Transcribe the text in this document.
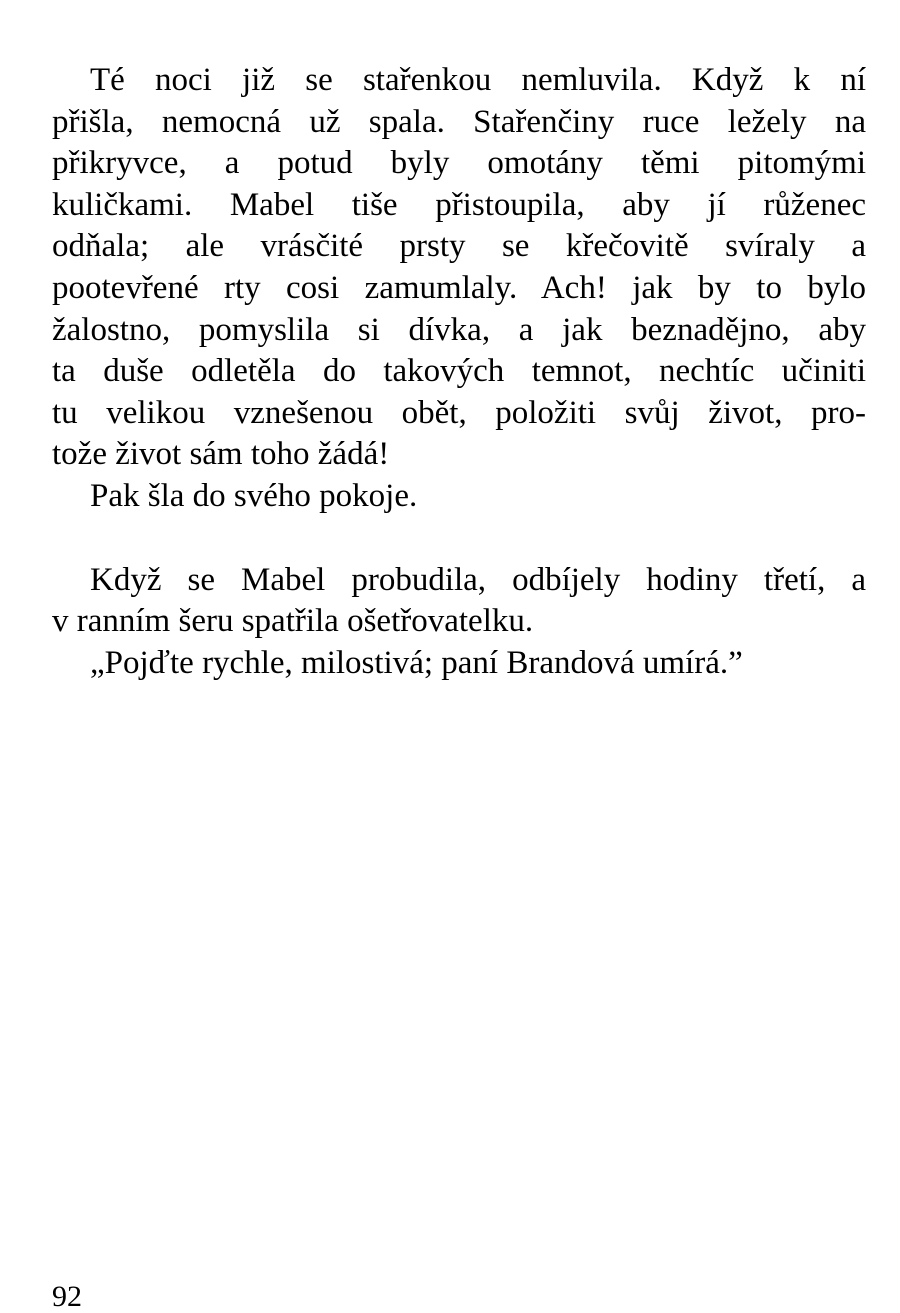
Té noci již se stařenkou nemluvila. Když k ní
přišla, nemocná už spala. Stařenčiny ruce ležely na
přikryvce, a potud byly omotány těmi pitomými
kuličkami. Mabel tiše přistoupila, aby jí růženec
odňala; ale vrásčité prsty se křečovitě svíraly a
pootevřené rty cosi zamumlaly. Ach! jak by to bylo
žalostno, pomyslila si dívka, a jak beznadějno, aby
ta duše odletěla do takových temnot, nechtíc učiniti
tu velikou vznešenou obět, položiti svůj život, pro-
tože život sám toho žádá!
Pak šla do svého pokoje.
Když se Mabel probudila, odbíjely hodiny třetí, a
v ranním šeru spatřila ošetřovatelku.
„Pojďte rychle, milostivá; paní Brandová umírá.”
92
